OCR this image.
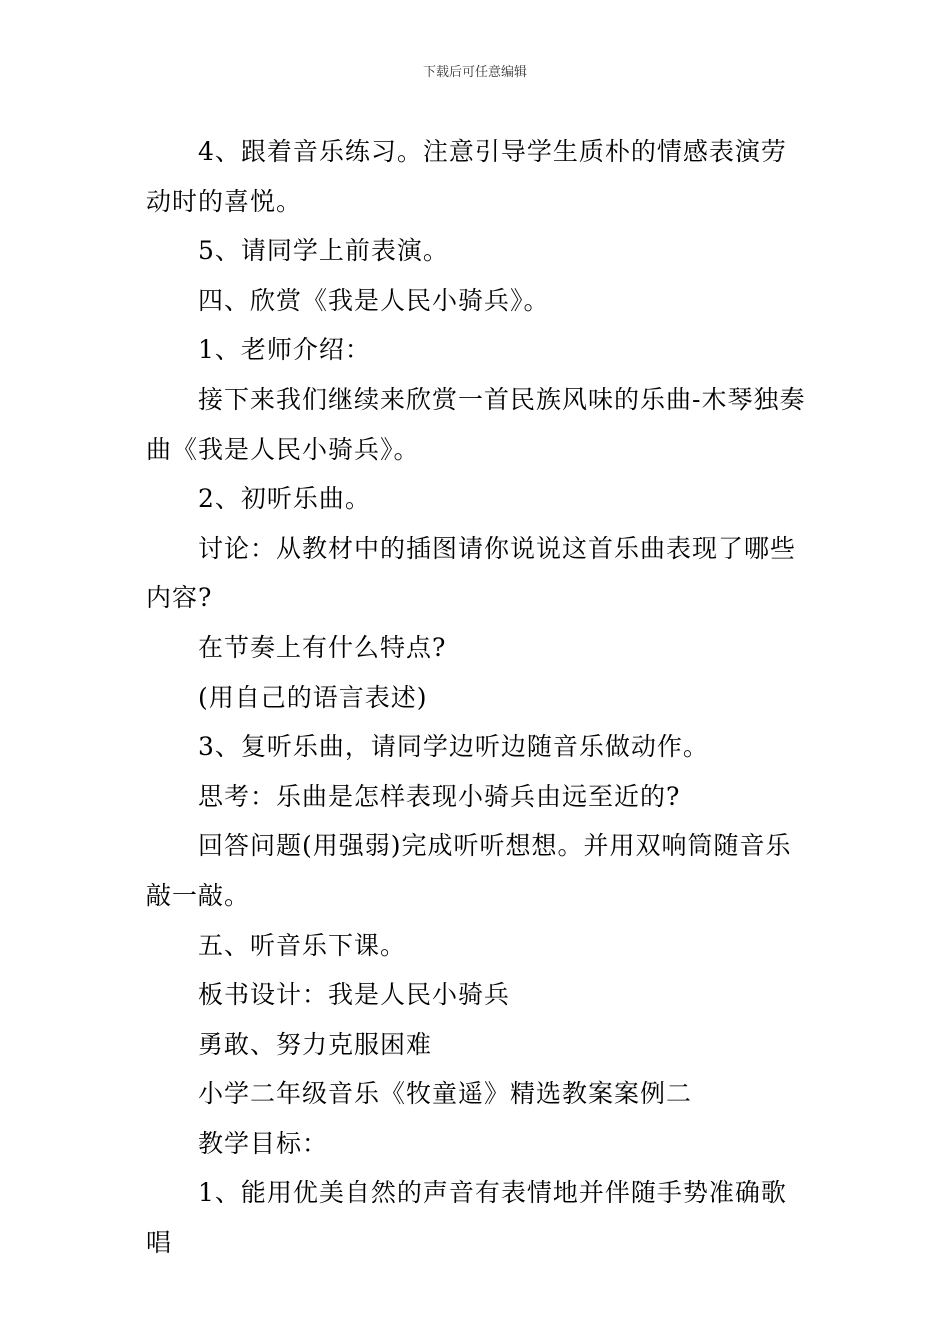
下载后可任意编辑

4、跟着音乐练习。注意引导学生质朴的情感表演劳动时的喜悦。

5、请同学上前表演。

四、欣赏《我是人民小骑兵》。

1、老师介绍：

接下来我们继续来欣赏一首民族风味的乐曲-木琴独奏曲《我是人民小骑兵》。

2、初听乐曲。

讨论：从教材中的插图请你说说这首乐曲表现了哪些内容?

在节奏上有什么特点?

(用自己的语言表述)

3、复听乐曲，请同学边听边随音乐做动作。

思考：乐曲是怎样表现小骑兵由远至近的?

回答问题(用强弱)完成听听想想。并用双响筒随音乐敲一敲。

五、听音乐下课。

板书设计：我是人民小骑兵

勇敢、努力克服困难

小学二年级音乐《牧童遥》精选教案案例二

教学目标：

1、能用优美自然的声音有表情地并伴随手势准确歌唱
